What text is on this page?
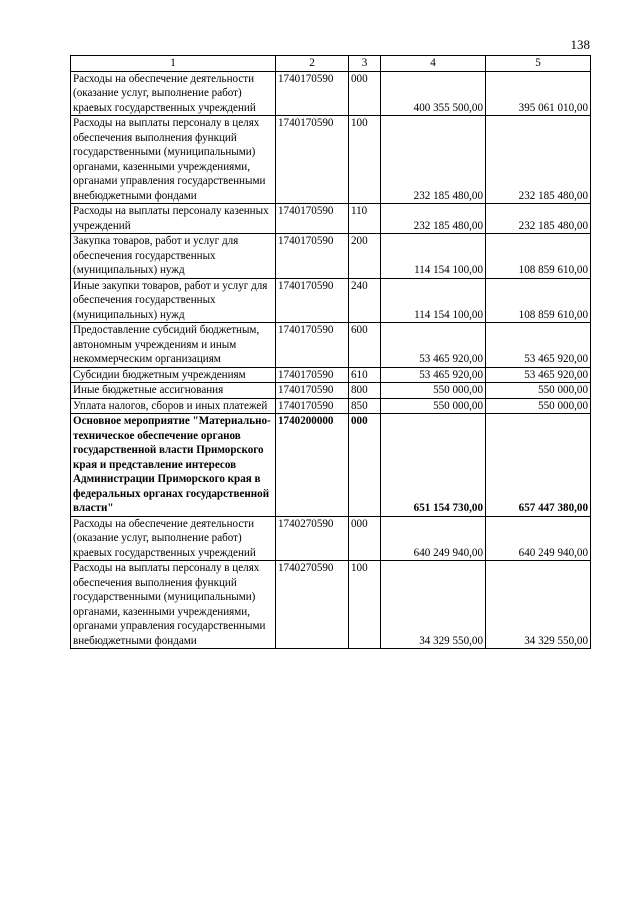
138
1	2	3	4	5
Расходы на обеспечение деятельности (оказание услуг, выполнение работ) краевых государственных учреждений	1740170590	000	400 355 500,00	395 061 010,00
Расходы на выплаты персоналу в целях обеспечения выполнения функций государственными (муниципальными) органами, казенными учреждениями, органами управления государственными внебюджетными фондами	1740170590	100	232 185 480,00	232 185 480,00
Расходы на выплаты персоналу казенных учреждений	1740170590	110	232 185 480,00	232 185 480,00
Закупка товаров, работ и услуг для обеспечения государственных (муниципальных) нужд	1740170590	200	114 154 100,00	108 859 610,00
Иные закупки товаров, работ и услуг для обеспечения государственных (муниципальных) нужд	1740170590	240	114 154 100,00	108 859 610,00
Предоставление субсидий бюджетным, автономным учреждениям и иным некоммерческим организациям	1740170590	600	53 465 920,00	53 465 920,00
Субсидии бюджетным учреждениям	1740170590	610	53 465 920,00	53 465 920,00
Иные бюджетные ассигнования	1740170590	800	550 000,00	550 000,00
Уплата налогов, сборов и иных платежей	1740170590	850	550 000,00	550 000,00
Основное мероприятие "Материально-техническое обеспечение органов государственной власти Приморского края и представление интересов Администрации Приморского края в федеральных органах государственной власти"	1740200000	000	651 154 730,00	657 447 380,00
Расходы на обеспечение деятельности (оказание услуг, выполнение работ) краевых государственных учреждений	1740270590	000	640 249 940,00	640 249 940,00
Расходы на выплаты персоналу в целях обеспечения выполнения функций государственными (муниципальными) органами, казенными учреждениями, органами управления государственными внебюджетными фондами	1740270590	100	34 329 550,00	34 329 550,00
